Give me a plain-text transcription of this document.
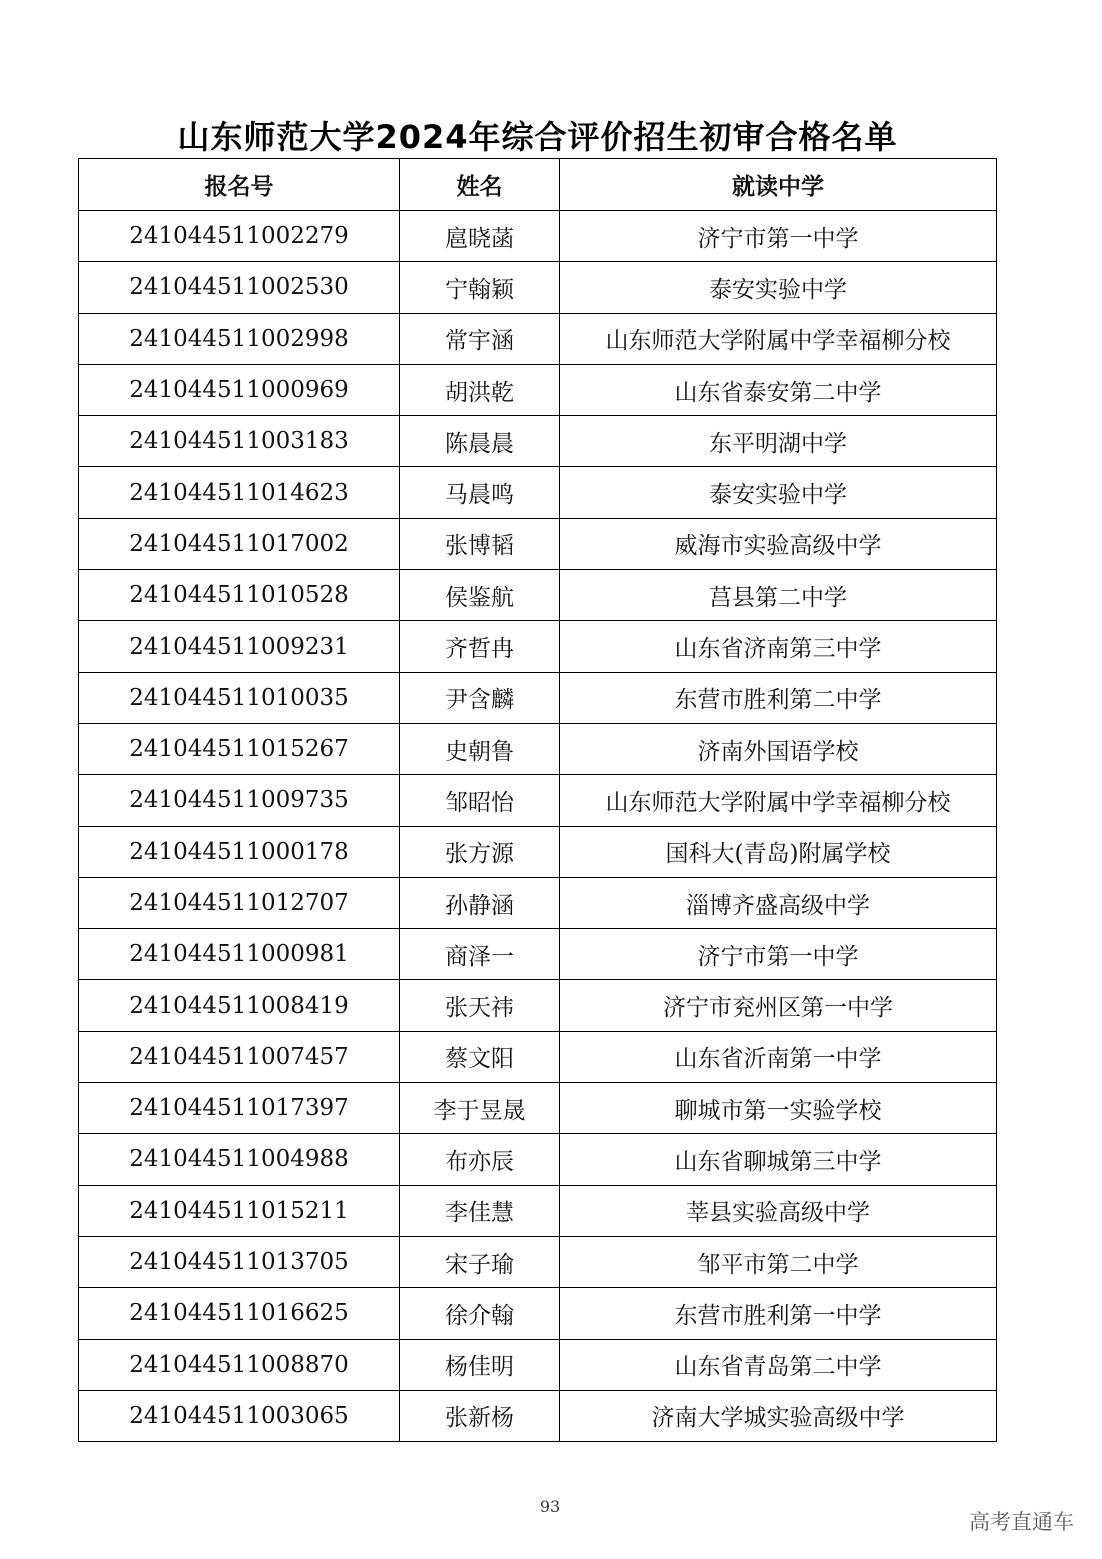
山东师范大学2024年综合评价招生初审合格名单
报名号	姓名	就读中学
241044511002279	扈晓菡	济宁市第一中学
241044511002530	宁翰颖	泰安实验中学
241044511002998	常宇涵	山东师范大学附属中学幸福柳分校
241044511000969	胡洪乾	山东省泰安第二中学
241044511003183	陈晨晨	东平明湖中学
241044511014623	马晨鸣	泰安实验中学
241044511017002	张博韬	威海市实验高级中学
241044511010528	侯鉴航	莒县第二中学
241044511009231	齐哲冉	山东省济南第三中学
241044511010035	尹含麟	东营市胜利第二中学
241044511015267	史朝鲁	济南外国语学校
241044511009735	邹昭怡	山东师范大学附属中学幸福柳分校
241044511000178	张方源	国科大(青岛)附属学校
241044511012707	孙静涵	淄博齐盛高级中学
241044511000981	商泽一	济宁市第一中学
241044511008419	张天祎	济宁市兖州区第一中学
241044511007457	蔡文阳	山东省沂南第一中学
241044511017397	李于昱晟	聊城市第一实验学校
241044511004988	布亦辰	山东省聊城第三中学
241044511015211	李佳慧	莘县实验高级中学
241044511013705	宋子瑜	邹平市第二中学
241044511016625	徐介翰	东营市胜利第一中学
241044511008870	杨佳明	山东省青岛第二中学
241044511003065	张新杨	济南大学城实验高级中学
93
高考直通车
